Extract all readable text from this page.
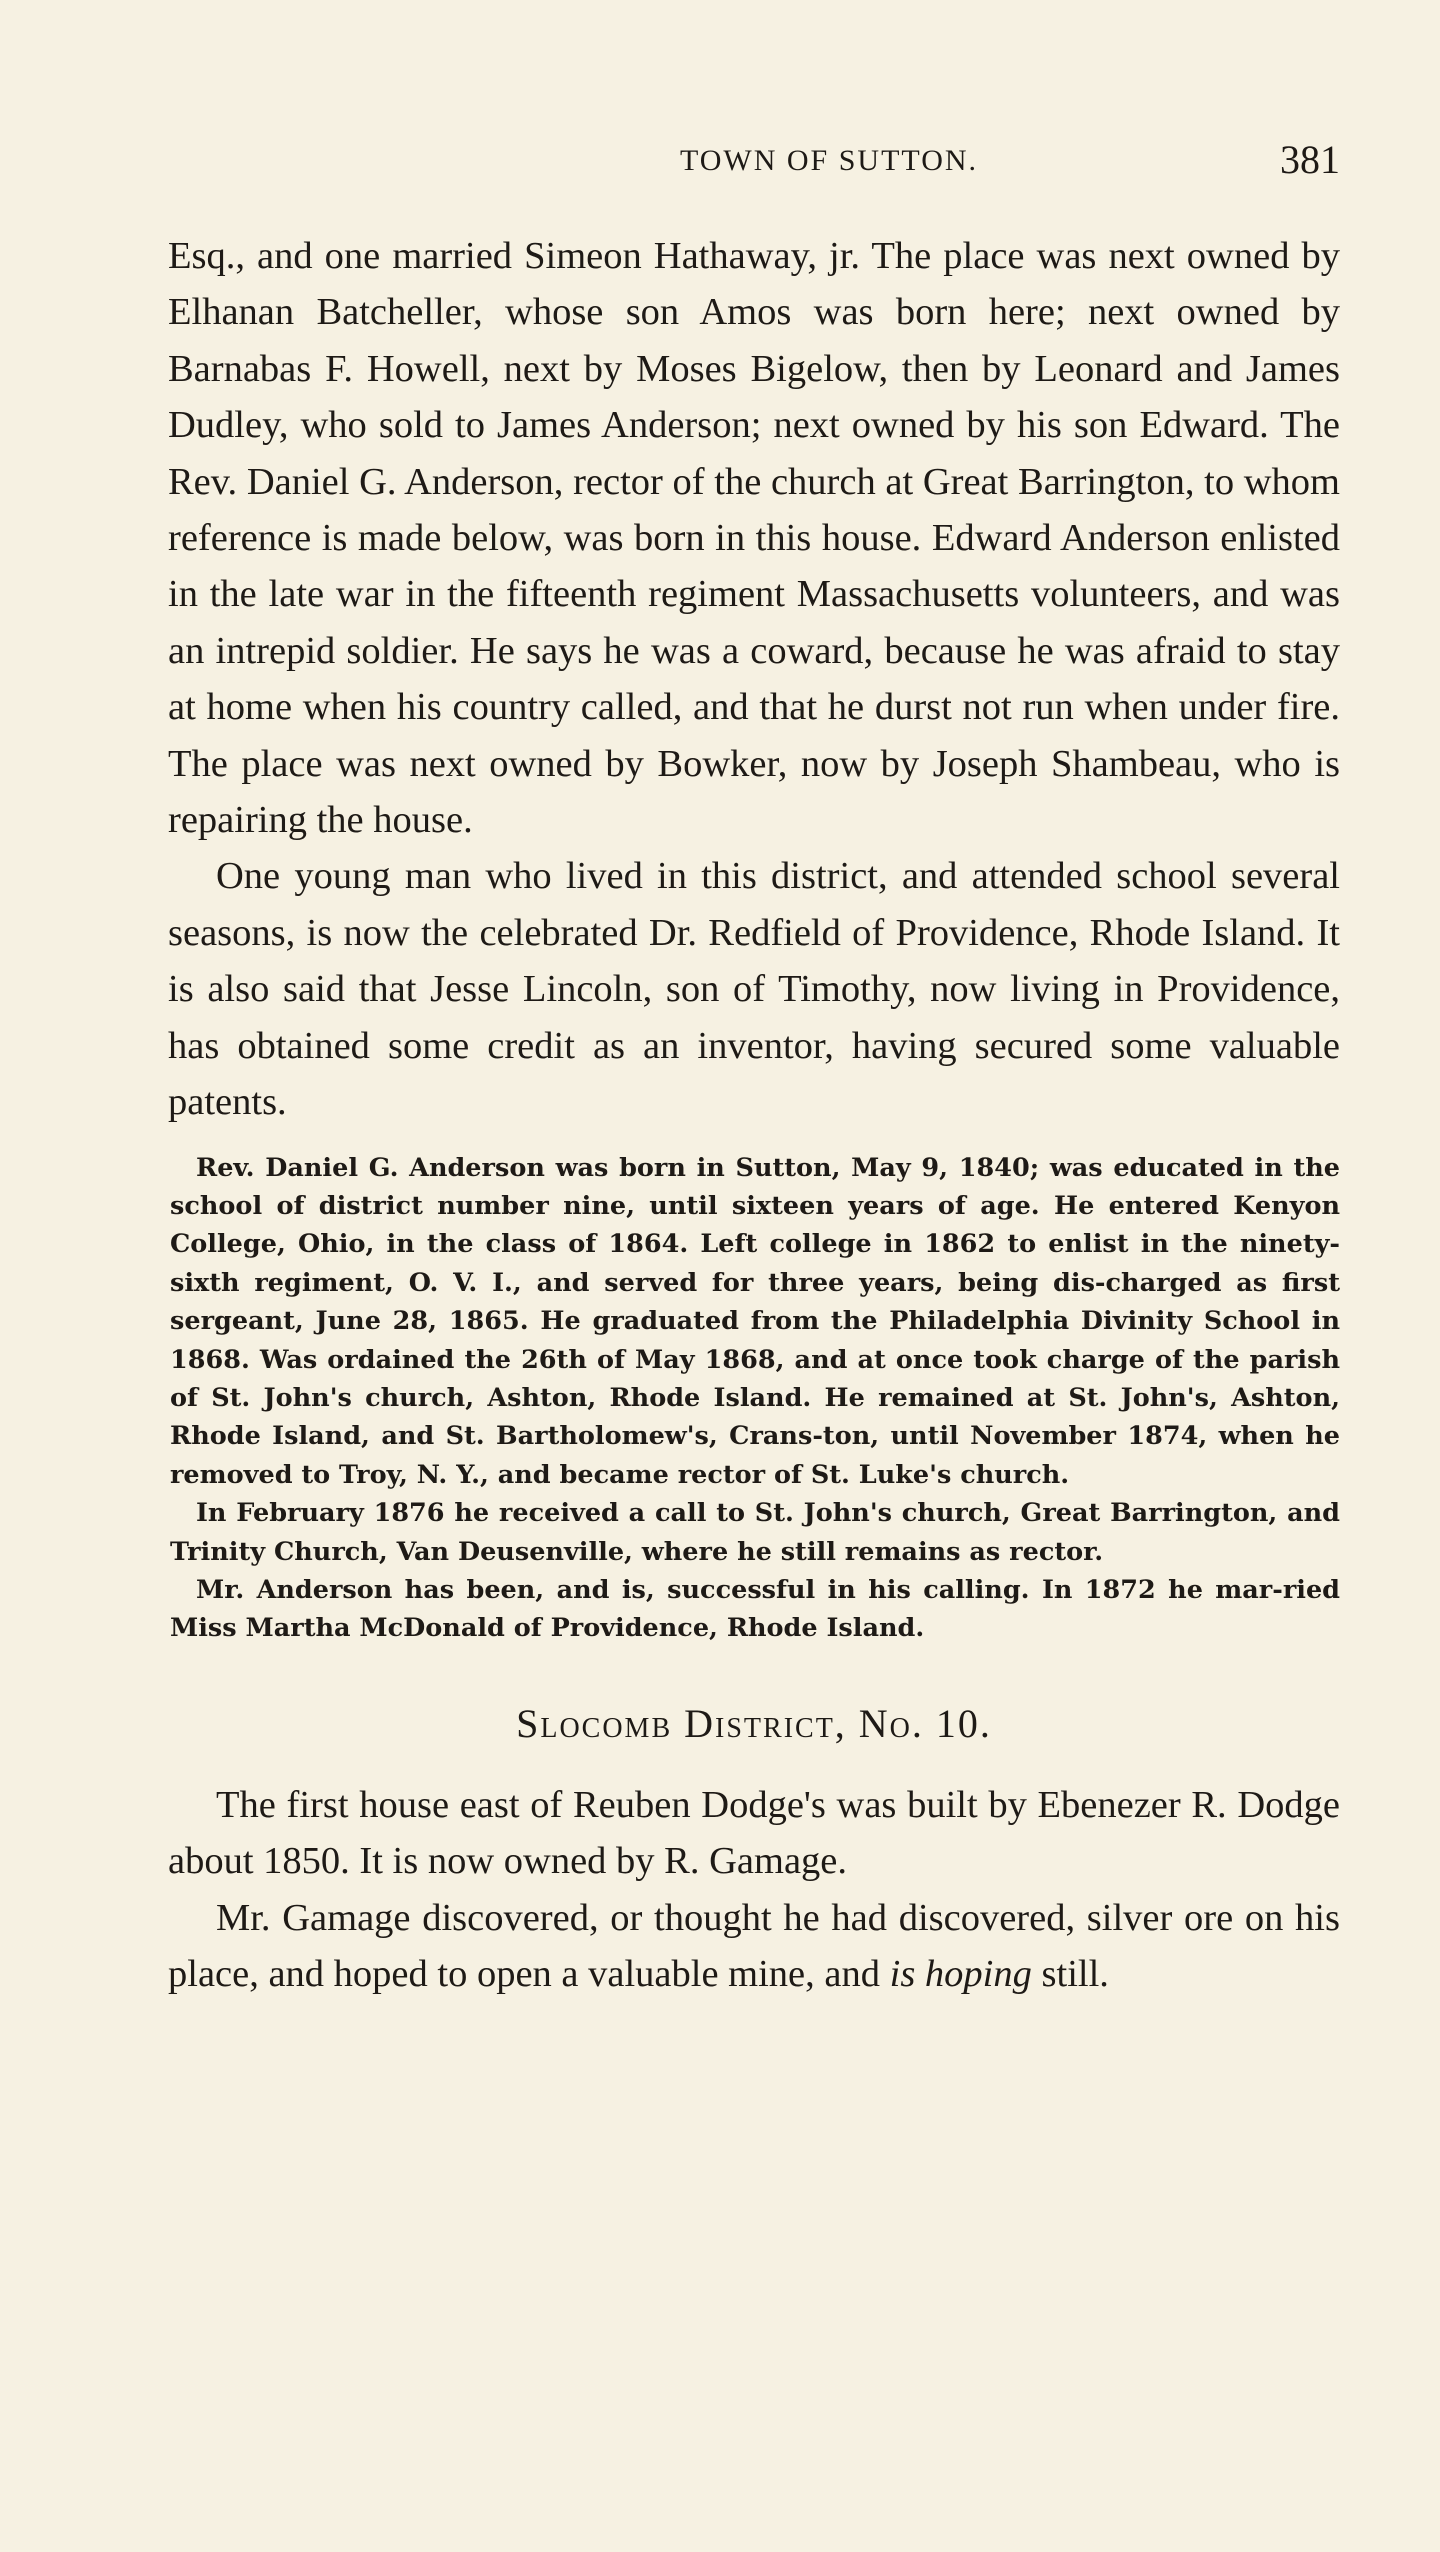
TOWN OF SUTTON.	381

Esq., and one married Simeon Hathaway, jr. The place was next owned by Elhanan Batcheller, whose son Amos was born here; next owned by Barnabas F. Howell, next by Moses Bigelow, then by Leonard and James Dudley, who sold to James Anderson; next owned by his son Edward. The Rev. Daniel G. Anderson, rector of the church at Great Barrington, to whom reference is made below, was born in this house. Edward Anderson enlisted in the late war in the fifteenth regiment Massachusetts volunteers, and was an intrepid soldier. He says he was a coward, because he was afraid to stay at home when his country called, and that he durst not run when under fire. The place was next owned by Bowker, now by Joseph Shambeau, who is repairing the house.

One young man who lived in this district, and attended school several seasons, is now the celebrated Dr. Redfield of Providence, Rhode Island. It is also said that Jesse Lincoln, son of Timothy, now living in Providence, has obtained some credit as an inventor, having secured some valuable patents.

Rev. Daniel G. Anderson was born in Sutton, May 9, 1840; was educated in the school of district number nine, until sixteen years of age. He entered Kenyon College, Ohio, in the class of 1864. Left college in 1862 to enlist in the ninety-sixth regiment, O. V. I., and served for three years, being dis-charged as first sergeant, June 28, 1865. He graduated from the Philadelphia Divinity School in 1868. Was ordained the 26th of May 1868, and at once took charge of the parish of St. John's church, Ashton, Rhode Island. He remained at St. John's, Ashton, Rhode Island, and St. Bartholomew's, Crans-ton, until November 1874, when he removed to Troy, N. Y., and became rector of St. Luke's church.

In February 1876 he received a call to St. John's church, Great Barrington, and Trinity Church, Van Deusenville, where he still remains as rector.

Mr. Anderson has been, and is, successful in his calling. In 1872 he mar-ried Miss Martha McDonald of Providence, Rhode Island.

Slocomb District, No. 10.

The first house east of Reuben Dodge's was built by Ebenezer R. Dodge about 1850. It is now owned by R. Gamage.

Mr. Gamage discovered, or thought he had discovered, silver ore on his place, and hoped to open a valuable mine, and is hoping still.
